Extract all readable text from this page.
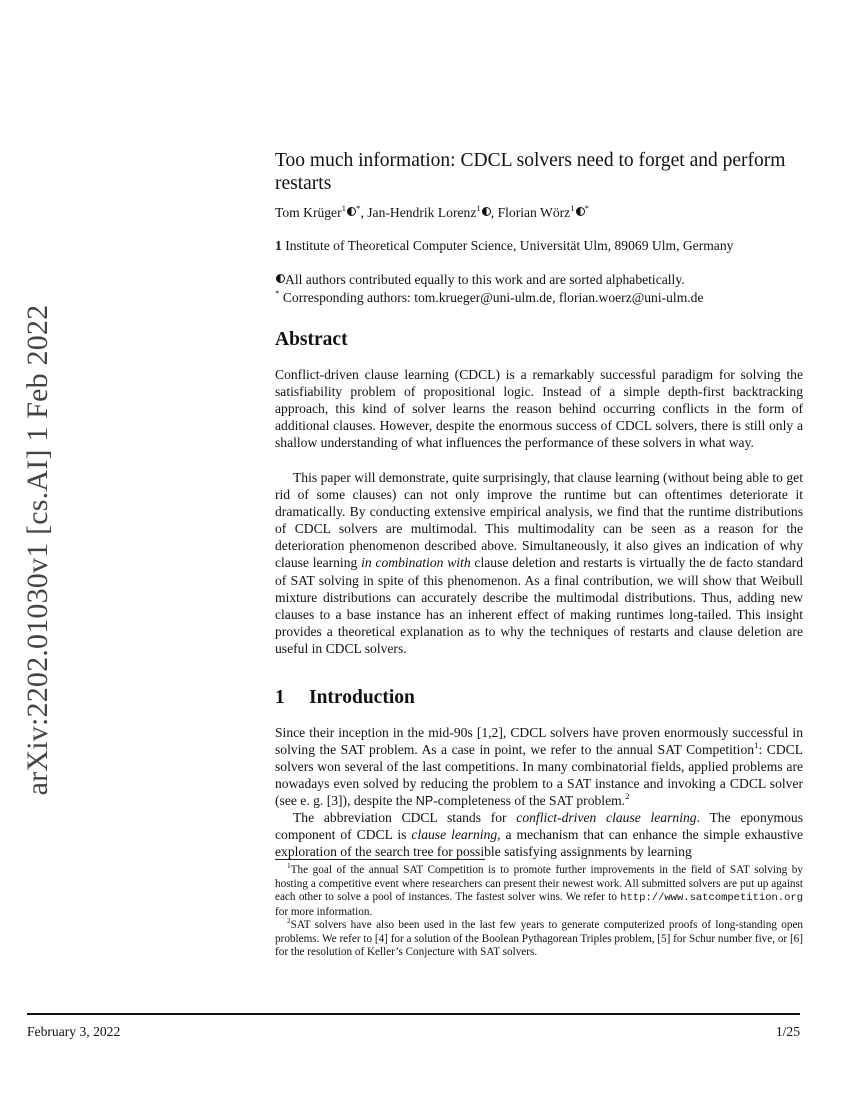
arXiv:2202.01030v1 [cs.AI] 1 Feb 2022
Too much information: CDCL solvers need to forget and perform restarts
Tom Krüger$^1$ *, Jan-Hendrik Lorenz$^1$ , Florian Wörz$^1$ *
1 Institute of Theoretical Computer Science, Universität Ulm, 89069 Ulm, Germany
All authors contributed equally to this work and are sorted alphabetically.
* Corresponding authors: tom.krueger@uni-ulm.de, florian.woerz@uni-ulm.de
Abstract

Conflict-driven clause learning (CDCL) is a remarkably successful paradigm for solving the satisfiability problem of propositional logic. Instead of a simple depth-first backtracking approach, this kind of solver learns the reason behind occurring conflicts in the form of additional clauses. However, despite the enormous success of CDCL solvers, there is still only a shallow understanding of what influences the performance of these solvers in what way.

This paper will demonstrate, quite surprisingly, that clause learning (without being able to get rid of some clauses) can not only improve the runtime but can oftentimes deteriorate it dramatically. By conducting extensive empirical analysis, we find that the runtime distributions of CDCL solvers are multimodal. This multimodality can be seen as a reason for the deterioration phenomenon described above. Simultaneously, it also gives an indication of why clause learning in combination with clause deletion and restarts is virtually the de facto standard of SAT solving in spite of this phenomenon. As a final contribution, we will show that Weibull mixture distributions can accurately describe the multimodal distributions. Thus, adding new clauses to a base instance has an inherent effect of making runtimes long-tailed. This insight provides a theoretical explanation as to why the techniques of restarts and clause deletion are useful in CDCL solvers.

1 Introduction

Since their inception in the mid-90s [1,2], CDCL solvers have proven enormously successful in solving the SAT problem. As a case in point, we refer to the annual SAT Competition$^1$: CDCL solvers won several of the last competitions. In many combinatorial fields, applied problems are nowadays even solved by reducing the problem to a SAT instance and invoking a CDCL solver (see e. g. [3]), despite the NP-completeness of the SAT problem.$^2$

The abbreviation CDCL stands for conflict-driven clause learning. The eponymous component of CDCL is clause learning, a mechanism that can enhance the simple exhaustive exploration of the search tree for possible satisfying assignments by learning

$^1$The goal of the annual SAT Competition is to promote further improvements in the field of SAT solving by hosting a competitive event where researchers can present their newest work. All submitted solvers are put up against each other to solve a pool of instances. The fastest solver wins. We refer to http://www.satcompetition.org for more information.

$^2$SAT solvers have also been used in the last few years to generate computerized proofs of long-standing open problems. We refer to [4] for a solution of the Boolean Pythagorean Triples problem, [5] for Schur number five, or [6] for the resolution of Keller’s Conjecture with SAT solvers.

February 3, 2022	1/25
